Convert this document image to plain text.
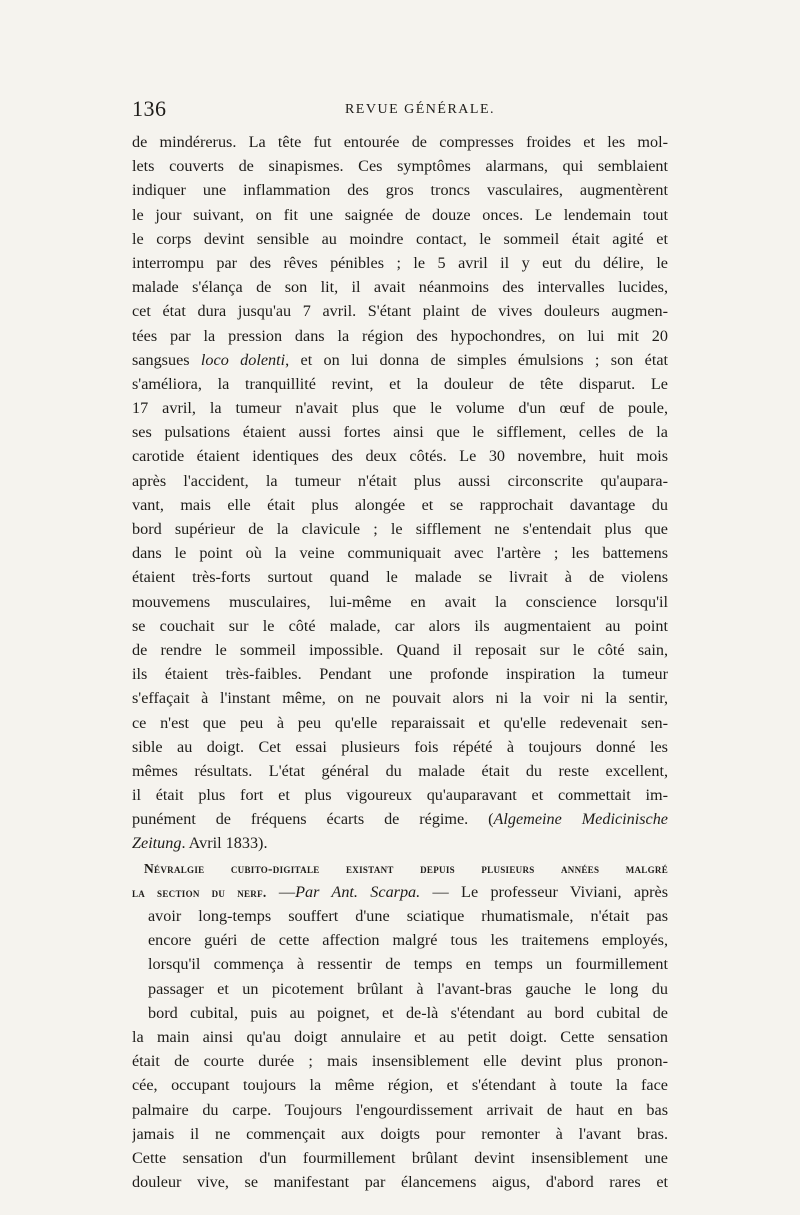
136	REVUE GÉNÉRALE.
de mindérerus. La tête fut entourée de compresses froides et les mol-
lets couverts de sinapismes. Ces symptômes alarmans, qui semblaient
indiquer une inflammation des gros troncs vasculaires, augmentèrent
le jour suivant, on fit une saignée de douze onces. Le lendemain tout
le corps devint sensible au moindre contact, le sommeil était agité et
interrompu par des rêves pénibles ; le 5 avril il y eut du délire, le
malade s'élança de son lit, il avait néanmoins des intervalles lucides,
cet état dura jusqu'au 7 avril. S'étant plaint de vives douleurs augmen-
tées par la pression dans la région des hypochondres, on lui mit 20
sangsues loco dolenti, et on lui donna de simples émulsions ; son état
s'améliora, la tranquillité revint, et la douleur de tête disparut. Le
17 avril, la tumeur n'avait plus que le volume d'un œuf de poule,
ses pulsations étaient aussi fortes ainsi que le sifflement, celles de la
carotide étaient identiques des deux côtés. Le 30 novembre, huit mois
après l'accident, la tumeur n'était plus aussi circonscrite qu'aupara-
vant, mais elle était plus alongée et se rapprochait davantage du
bord supérieur de la clavicule ; le sifflement ne s'entendait plus que
dans le point où la veine communiquait avec l'artère ; les battemens
étaient très-forts surtout quand le malade se livrait à de violens
mouvemens musculaires, lui-même en avait la conscience lorsqu'il
se couchait sur le côté malade, car alors ils augmentaient au point
de rendre le sommeil impossible. Quand il reposait sur le côté sain,
ils étaient très-faibles. Pendant une profonde inspiration la tumeur
s'effaçait à l'instant même, on ne pouvait alors ni la voir ni la sentir,
ce n'est que peu à peu qu'elle reparaissait et qu'elle redevenait sen-
sible au doigt. Cet essai plusieurs fois répété à toujours donné les
mêmes résultats. L'état général du malade était du reste excellent,
il était plus fort et plus vigoureux qu'auparavant et commettait im-
punément de fréquens écarts de régime. (Algemeine Medicinische
Zeitung. Avril 1833).
Névralgie cubito-digitale existant depuis plusieurs années malgré
la section du nerf. —Par Ant. Scarpa. — Le professeur Viviani, après
avoir long-temps souffert d'une sciatique rhumatismale, n'était pas
encore guéri de cette affection malgré tous les traitemens employés,
lorsqu'il commença à ressentir de temps en temps un fourmillement
passager et un picotement brûlant à l'avant-bras gauche le long du
bord cubital, puis au poignet, et de-là s'étendant au bord cubital de
la main ainsi qu'au doigt annulaire et au petit doigt. Cette sensation
était de courte durée ; mais insensiblement elle devint plus pronon-
cée, occupant toujours la même région, et s'étendant à toute la face
palmaire du carpe. Toujours l'engourdissement arrivait de haut en bas
jamais il ne commençait aux doigts pour remonter à l'avant bras.
Cette sensation d'un fourmillement brûlant devint insensiblement une
douleur vive, se manifestant par élancemens aigus, d'abord rares et
